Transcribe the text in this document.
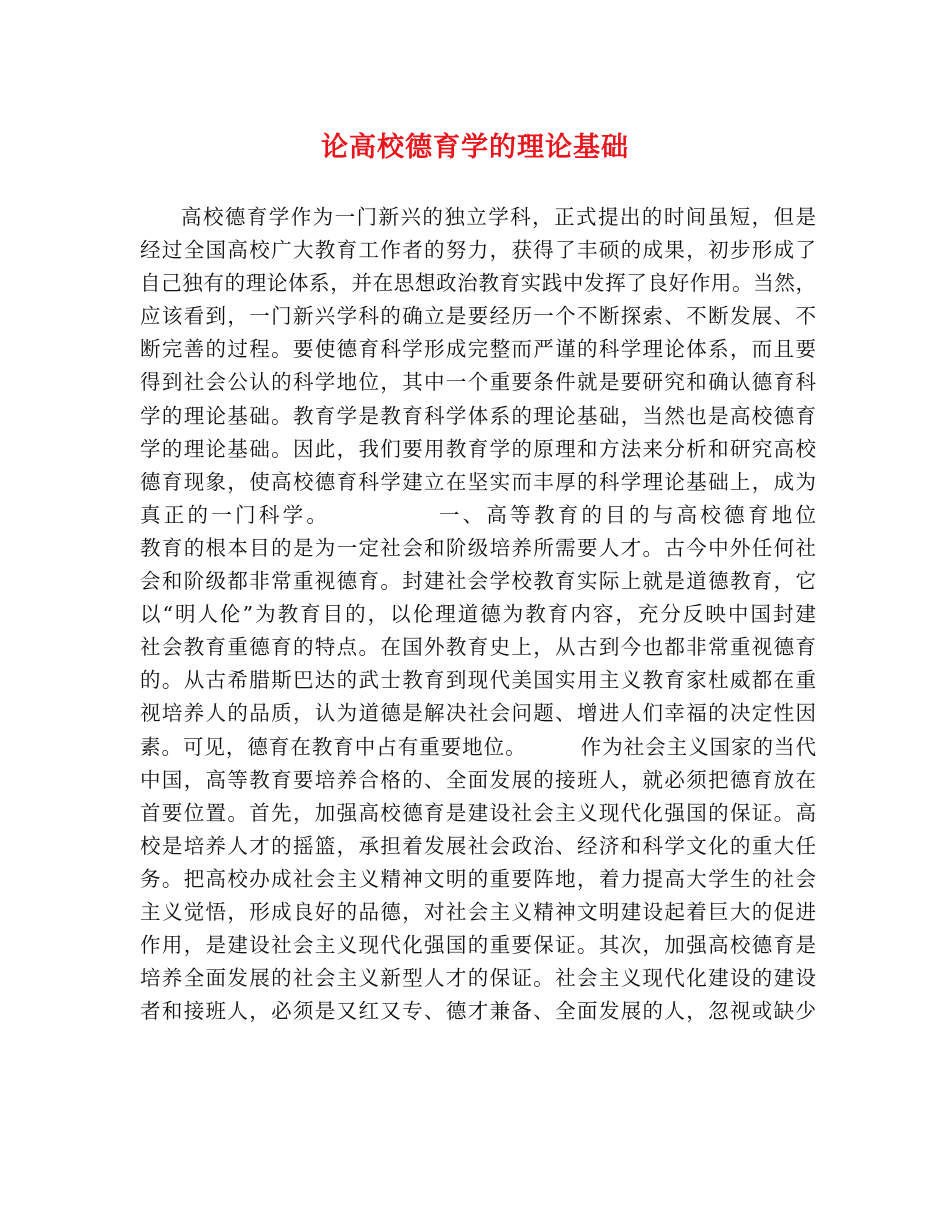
论高校德育学的理论基础
高校德育学作为一门新兴的独立学科，正式提出的时间虽短，但是
经过全国高校广大教育工作者的努力，获得了丰硕的成果，初步形成了
自己独有的理论体系，并在思想政治教育实践中发挥了良好作用。当然，
应该看到，一门新兴学科的确立是要经历一个不断探索、不断发展、不
断完善的过程。要使德育科学形成完整而严谨的科学理论体系，而且要
得到社会公认的科学地位，其中一个重要条件就是要研究和确认德育科
学的理论基础。教育学是教育科学体系的理论基础，当然也是高校德育
学的理论基础。因此，我们要用教育学的原理和方法来分析和研究高校
德育现象，使高校德育科学建立在坚实而丰厚的科学理论基础上，成为
真正的一门科学。　　　　　一、高等教育的目的与高校德育地位
教育的根本目的是为一定社会和阶级培养所需要人才。古今中外任何社
会和阶级都非常重视德育。封建社会学校教育实际上就是道德教育，它
以“明人伦”为教育目的，以伦理道德为教育内容，充分反映中国封建
社会教育重德育的特点。在国外教育史上，从古到今也都非常重视德育
的。从古希腊斯巴达的武士教育到现代美国实用主义教育家杜威都在重
视培养人的品质，认为道德是解决社会问题、增进人们幸福的决定性因
素。可见，德育在教育中占有重要地位。　　　作为社会主义国家的当代
中国，高等教育要培养合格的、全面发展的接班人，就必须把德育放在
首要位置。首先，加强高校德育是建设社会主义现代化强国的保证。高
校是培养人才的摇篮，承担着发展社会政治、经济和科学文化的重大任
务。把高校办成社会主义精神文明的重要阵地，着力提高大学生的社会
主义觉悟，形成良好的品德，对社会主义精神文明建设起着巨大的促进
作用，是建设社会主义现代化强国的重要保证。其次，加强高校德育是
培养全面发展的社会主义新型人才的保证。社会主义现代化建设的建设
者和接班人，必须是又红又专、德才兼备、全面发展的人，忽视或缺少
